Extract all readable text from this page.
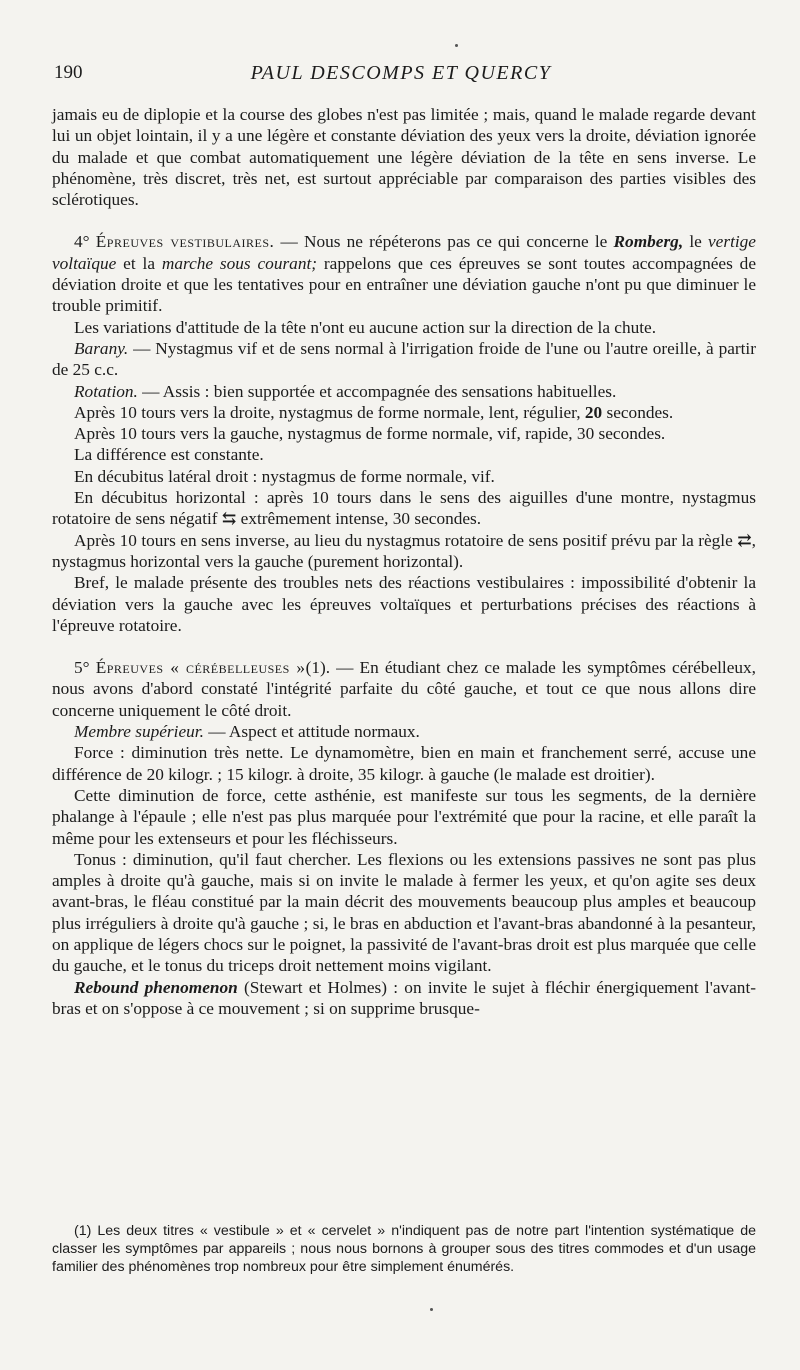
190	PAUL DESCOMPS ET QUERCY

jamais eu de diplopie et la course des globes n'est pas limitée ; mais, quand le malade regarde devant lui un objet lointain, il y a une légère et constante déviation des yeux vers la droite, déviation ignorée du malade et que combat automatiquement une légère déviation de la tête en sens inverse. Le phénomène, très discret, très net, est surtout appréciable par comparaison des parties visibles des sclérotiques.

4° Épreuves vestibulaires. — Nous ne répéterons pas ce qui concerne le Romberg, le vertige voltaïque et la marche sous courant; rappelons que ces épreuves se sont toutes accompagnées de déviation droite et que les tentatives pour en entraîner une déviation gauche n'ont pu que diminuer le trouble primitif.

Les variations d'attitude de la tête n'ont eu aucune action sur la direction de la chute.

Barany. — Nystagmus vif et de sens normal à l'irrigation froide de l'une ou l'autre oreille, à partir de 25 c.c.

Rotation. — Assis : bien supportée et accompagnée des sensations habituelles.

Après 10 tours vers la droite, nystagmus de forme normale, lent, régulier, 20 secondes.

Après 10 tours vers la gauche, nystagmus de forme normale, vif, rapide, 30 secondes.

La différence est constante.

En décubitus latéral droit : nystagmus de forme normale, vif.

En décubitus horizontal : après 10 tours dans le sens des aiguilles d'une montre, nystagmus rotatoire de sens négatif ⇆ extrêmement intense, 30 secondes.

Après 10 tours en sens inverse, au lieu du nystagmus rotatoire de sens positif prévu par la règle ⇄, nystagmus horizontal vers la gauche (purement horizontal).

Bref, le malade présente des troubles nets des réactions vestibulaires : impossibilité d'obtenir la déviation vers la gauche avec les épreuves voltaïques et perturbations précises des réactions à l'épreuve rotatoire.

5° Épreuves « cérébelleuses »(1). — En étudiant chez ce malade les symptômes cérébelleux, nous avons d'abord constaté l'intégrité parfaite du côté gauche, et tout ce que nous allons dire concerne uniquement le côté droit.

Membre supérieur. — Aspect et attitude normaux.

Force : diminution très nette. Le dynamomètre, bien en main et franchement serré, accuse une différence de 20 kilogr. ; 15 kilogr. à droite, 35 kilogr. à gauche (le malade est droitier).

Cette diminution de force, cette asthénie, est manifeste sur tous les segments, de la dernière phalange à l'épaule ; elle n'est pas plus marquée pour l'extrémité que pour la racine, et elle paraît la même pour les extenseurs et pour les fléchisseurs.

Tonus : diminution, qu'il faut chercher. Les flexions ou les extensions passives ne sont pas plus amples à droite qu'à gauche, mais si on invite le malade à fermer les yeux, et qu'on agite ses deux avant-bras, le fléau constitué par la main décrit des mouvements beaucoup plus amples et beaucoup plus irréguliers à droite qu'à gauche ; si, le bras en abduction et l'avant-bras abandonné à la pesanteur, on applique de légers chocs sur le poignet, la passivité de l'avant-bras droit est plus marquée que celle du gauche, et le tonus du triceps droit nettement moins vigilant.

Rebound phenomenon (Stewart et Holmes) : on invite le sujet à fléchir énergiquement l'avant-bras et on s'oppose à ce mouvement ; si on supprime brusque-

(1) Les deux titres « vestibule » et « cervelet » n'indiquent pas de notre part l'intention systématique de classer les symptômes par appareils ; nous nous bornons à grouper sous des titres commodes et d'un usage familier des phénomènes trop nombreux pour être simplement énumérés.
